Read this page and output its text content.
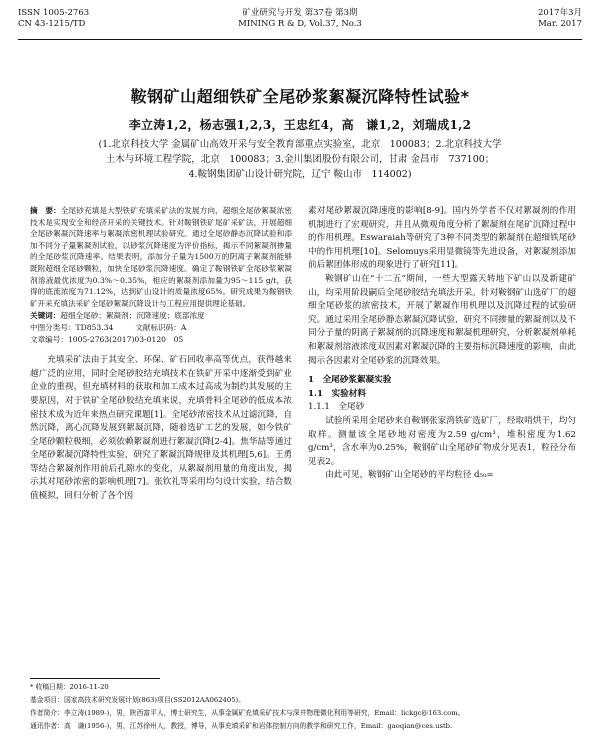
ISSN 1005-2763
CN 43-1215/TD
矿业研究与开发 第37卷 第3期
MINING R & D, Vol.37, No.3
2017年3月
Mar. 2017
鞍钢矿山超细铁矿全尾砂浆絮凝沉降特性试验*
李立涛1,2，杨志强1,2,3，王忠红4，高　谦1,2，刘瑞成1,2
(1.北京科技大学 金属矿山高效开采与安全教育部重点实验室，北京　100083；2.北京科技大学
土木与环境工程学院，北京　100083；3.金川集团股份有限公司，甘肃 金昌市　737100；
4.鞍钢集团矿山设计研究院，辽宁 鞍山市　114002)
摘　要：全尾砂充填是大型铁矿充填采矿法的发展方向，超细全尾砂絮凝浓密技术是实现安全和经济开采的关键技术。针对鞍钢铁矿尾矿采矿法，开展超细全尾砂絮凝沉降速率与絮凝浓密机理试验研究。通过全尾砂静态沉降试验和添加不同分子量絮凝剂试验，以砂浆沉降速度为评价指标，揭示不同絮凝剂掺量的全尾砂浆沉降速率。结果表明，添加分子量为1500万的阴离子絮凝剂能够既附超细全尾砂颗粒，加快全尾砂浆沉降速度。确定了鞍钢铁矿全尾砂浆絮凝剂溶液最优浓度为0.3%～0.35%，相应的絮凝剂添加量为95～115 g/t，获得的底流浓度为71.12%，达到矿山设计的质量浓度65%。研究成果为鞍钢铁矿开采充填法采矿全尾砂絮凝沉降设计与工程应用提供理论基础。
关键词：超细全尾砂；絮凝剂；沉降速度；底部浓度
中图分类号：TD853.34	文献标识码：A
文章编号：1005-2763(2017)03-0120　05

充填采矿法由于其安全、环保、矿石回收率高等优点，获得越来越广泛的应用，同时全尾砂胶结充填技术在铁矿开采中逐渐受到矿业企业的重视，但充填材料的获取和加工成本过高成为制约其发展的主要原因，对于铁矿全尾砂胶结充填来说，充填骨料全尾砂的低成本浓密技术成为近年来热点研究课题[1]。全尾砂浓密技术从过滤沉降，自然沉降，离心沉降发展到絮凝沉降，随着选矿工艺的发展，如今铁矿全尾砂颗粒极细，必须依赖絮凝剂进行絮凝沉降[2-4]。焦华喆等通过全尾砂絮凝沉降特性实验，研究了絮凝沉降规律及其机理[5,6]。王勇等结合絮凝剂作用前后孔隙水的变化，从絮凝剂用量的角度出发，揭示其对尾砂浓密的影响机理[7]。张钦礼等采用均匀设计实验，结合数值模拟，回归分析了各个因

素对尾砂絮凝沉降速度的影响[8-9]。国内外学者不仅对絮凝剂的作用机制进行了宏观研究，并且从微观角度分析了絮凝剂在尾矿沉降过程中的作用机理。Eswaraiah等研究了3种不同类型的絮凝剂在超细铁尾砂中的作用机理[10]。Selomuys采用显微镜等先进设备，对絮凝剂添加前后絮团体形成的现象进行了研究[11]。

鞍钢矿山在“十二五”期间，一些大型露天转地下矿山以及新建矿山，均采用阶段嗣后全尾砂胶结充填法开采。针对鞍钢矿山选矿厂的超细全尾砂浆的浓密技术，开展了絮凝作用机理以及沉降过程的试验研究。通过采用全尾砂静态絮凝沉降试验，研究不同掺量的絮凝剂以及不同分子量的阴离子絮凝剂的沉降速度和絮凝机理研究，分析絮凝剂单耗和絮凝剂溶液浓度双因素对絮凝沉降的主要指标沉降速度的影响，由此揭示各因素对全尾砂浆的沉降效果。

1　全尾砂浆絮凝实验
1.1　实验材料
1.1.1　全尾砂

试验所采用全尾砂来自鞍钢张家湾铁矿选矿厂，经取哨烘干，均匀取样。测量该全尾砂地对密度为2.59 g/cm³，堆积密度为1.62 g/cm³，含水率为0.25%，鞍钢矿山全尾砂矿物成分见表1，粒径分布见表2。

由此可见，鞍钢矿山全尾砂的平均粒径 d₅₀=

* 收稿日期：2016-11-20
基金项目：国家高技术研究发展计划(863)项目(SS2012AA062405)。
作者简介：李立涛(1989-)，男，陕西富平人，博士研究生，从事金属矿充填采矿技术与深井物理微化利用等研究，Email：lickgc@163.com。
通讯作者：高　谦(1956-)，男，江苏徐州人，教授，博导，从事充填采矿和岩体控制方向的教学和研究工作，Email：gaoqian@ces.ustb.
